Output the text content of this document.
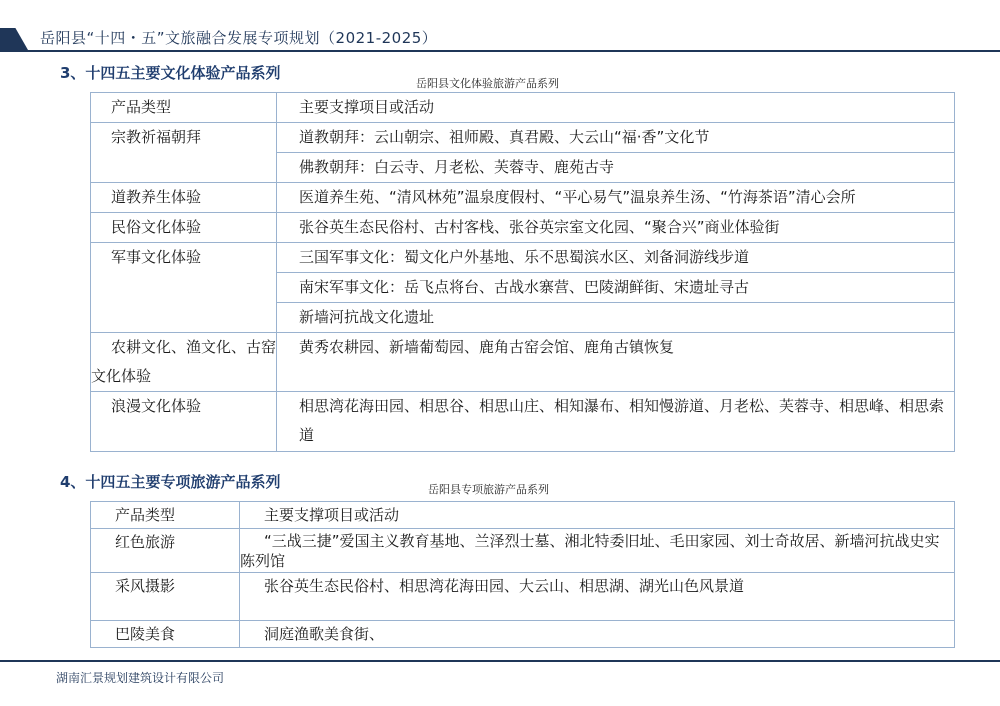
岳阳县“十四・五”文旅融合发展专项规划（2021-2025）
3、十四五主要文化体验产品系列
岳阳县文化体验旅游产品系列
产品类型	主要支撑项目或活动
宗教祈福朝拜	道教朝拜：云山朝宗、祖师殿、真君殿、大云山“福·香”文化节
	佛教朝拜：白云寺、月老松、芙蓉寺、鹿苑古寺
道教养生体验	医道养生苑、“清风林苑”温泉度假村、“平心易气”温泉养生汤、“竹海茶语”清心会所
民俗文化体验	张谷英生态民俗村、古村客栈、张谷英宗室文化园、“聚合兴”商业体验街
军事文化体验	三国军事文化：蜀文化户外基地、乐不思蜀滨水区、刘备洞游线步道
	南宋军事文化：岳飞点将台、古战水寨营、巴陵湖鲜街、宋遗址寻古
	新墙河抗战文化遗址
农耕文化、渔文化、古窑文化体验	黄秀农耕园、新墙葡萄园、鹿角古窑会馆、鹿角古镇恢复
浪漫文化体验	相思湾花海田园、相思谷、相思山庄、相知瀑布、相知慢游道、月老松、芙蓉寺、相思峰、相思索道
4、十四五主要专项旅游产品系列	岳阳县专项旅游产品系列
产品类型	主要支撑项目或活动
红色旅游	“三战三捷”爱国主义教育基地、兰泽烈士墓、湘北特委旧址、毛田家园、刘士奇故居、新墙河抗战史实陈列馆
采风摄影	张谷英生态民俗村、相思湾花海田园、大云山、相思湖、湖光山色风景道
巴陵美食	洞庭渔歌美食街、
湖南汇景规划建筑设计有限公司
